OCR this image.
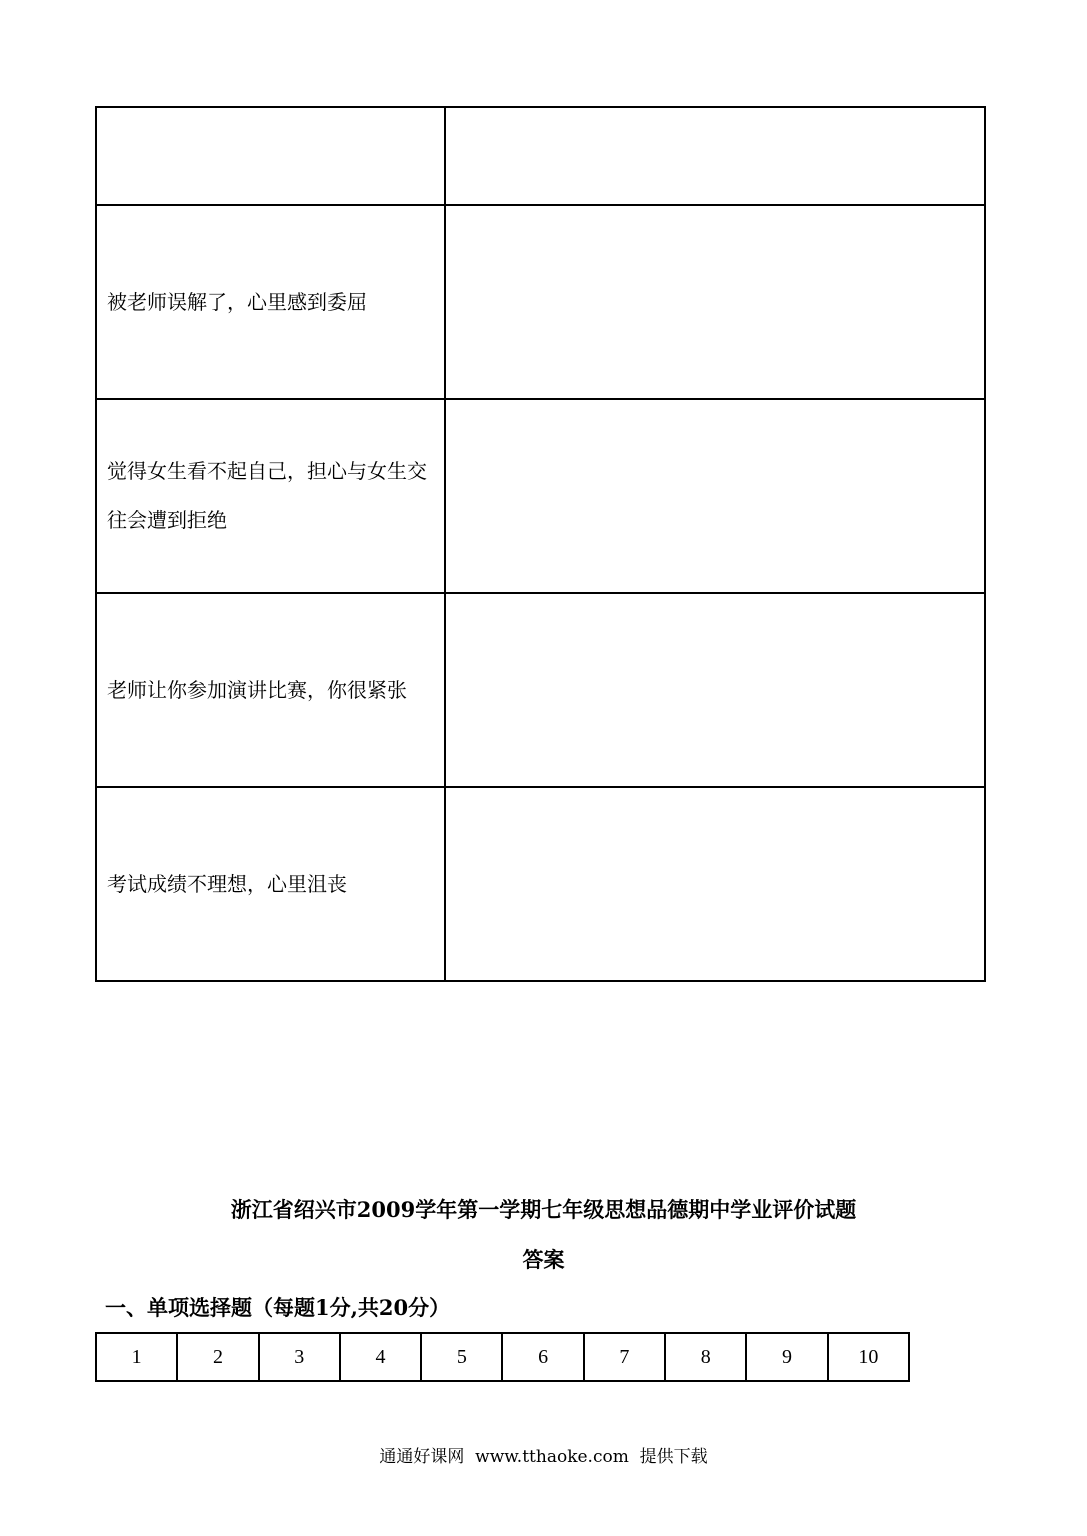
被老师误解了，心里感到委屈	
觉得女生看不起自己，担心与女生交往会遭到拒绝	
老师让你参加演讲比赛，你很紧张	
考试成绩不理想，心里沮丧	
浙江省绍兴市2009学年第一学期七年级思想品德期中学业评价试题
答案
一、单项选择题（每题1分,共20分）
1	2	3	4	5	6	7	8	9	10
通通好课网  www.tthaoke.com  提供下载
